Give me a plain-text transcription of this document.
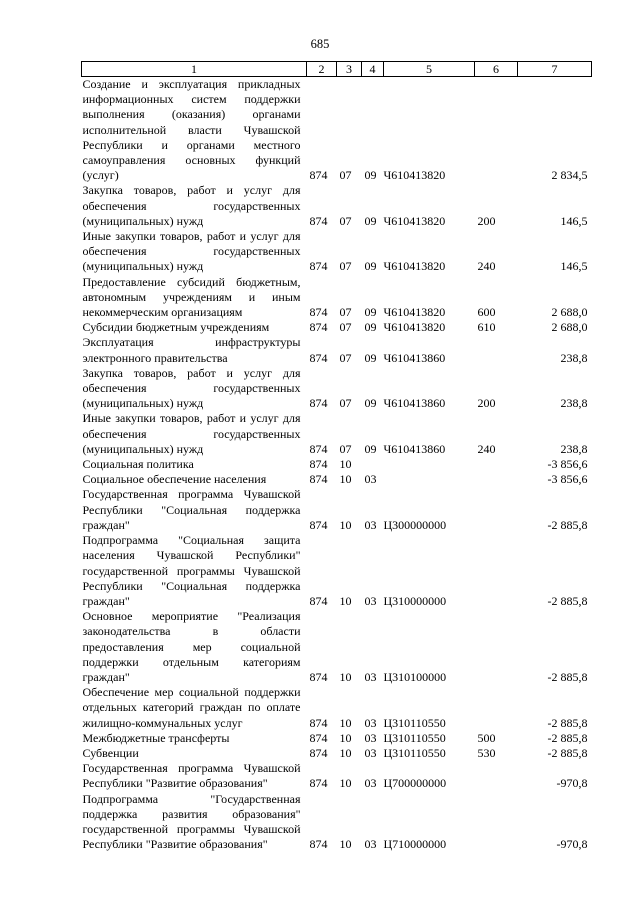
685
1	2	3	4	5	6	7
Создание и эксплуатация прикладных информационных систем поддержки выполнения (оказания) органами исполнительной власти Чувашской Республики и органами местного самоуправления основных функций (услуг)	874	07	09	Ч610413820		2 834,5
Закупка товаров, работ и услуг для обеспечения государственных (муниципальных) нужд	874	07	09	Ч610413820	200	146,5
Иные закупки товаров, работ и услуг для обеспечения государственных (муниципальных) нужд	874	07	09	Ч610413820	240	146,5
Предоставление субсидий бюджетным, автономным учреждениям и иным некоммерческим организациям	874	07	09	Ч610413820	600	2 688,0
Субсидии бюджетным учреждениям	874	07	09	Ч610413820	610	2 688,0
Эксплуатация инфраструктуры электронного правительства	874	07	09	Ч610413860		238,8
Закупка товаров, работ и услуг для обеспечения государственных (муниципальных) нужд	874	07	09	Ч610413860	200	238,8
Иные закупки товаров, работ и услуг для обеспечения государственных (муниципальных) нужд	874	07	09	Ч610413860	240	238,8
Социальная политика	874	10				-3 856,6
Социальное обеспечение населения	874	10	03			-3 856,6
Государственная программа Чувашской Республики "Социальная поддержка граждан"	874	10	03	Ц300000000		-2 885,8
Подпрограмма "Социальная защита населения Чувашской Республики" государственной программы Чувашской Республики "Социальная поддержка граждан"	874	10	03	Ц310000000		-2 885,8
Основное мероприятие "Реализация законодательства в области предоставления мер социальной поддержки отдельным категориям граждан"	874	10	03	Ц310100000		-2 885,8
Обеспечение мер социальной поддержки отдельных категорий граждан по оплате жилищно-коммунальных услуг	874	10	03	Ц310110550		-2 885,8
Межбюджетные трансферты	874	10	03	Ц310110550	500	-2 885,8
Субвенции	874	10	03	Ц310110550	530	-2 885,8
Государственная программа Чувашской Республики "Развитие образования"	874	10	03	Ц700000000		-970,8
Подпрограмма "Государственная поддержка развития образования" государственной программы Чувашской Республики "Развитие образования"	874	10	03	Ц710000000		-970,8
